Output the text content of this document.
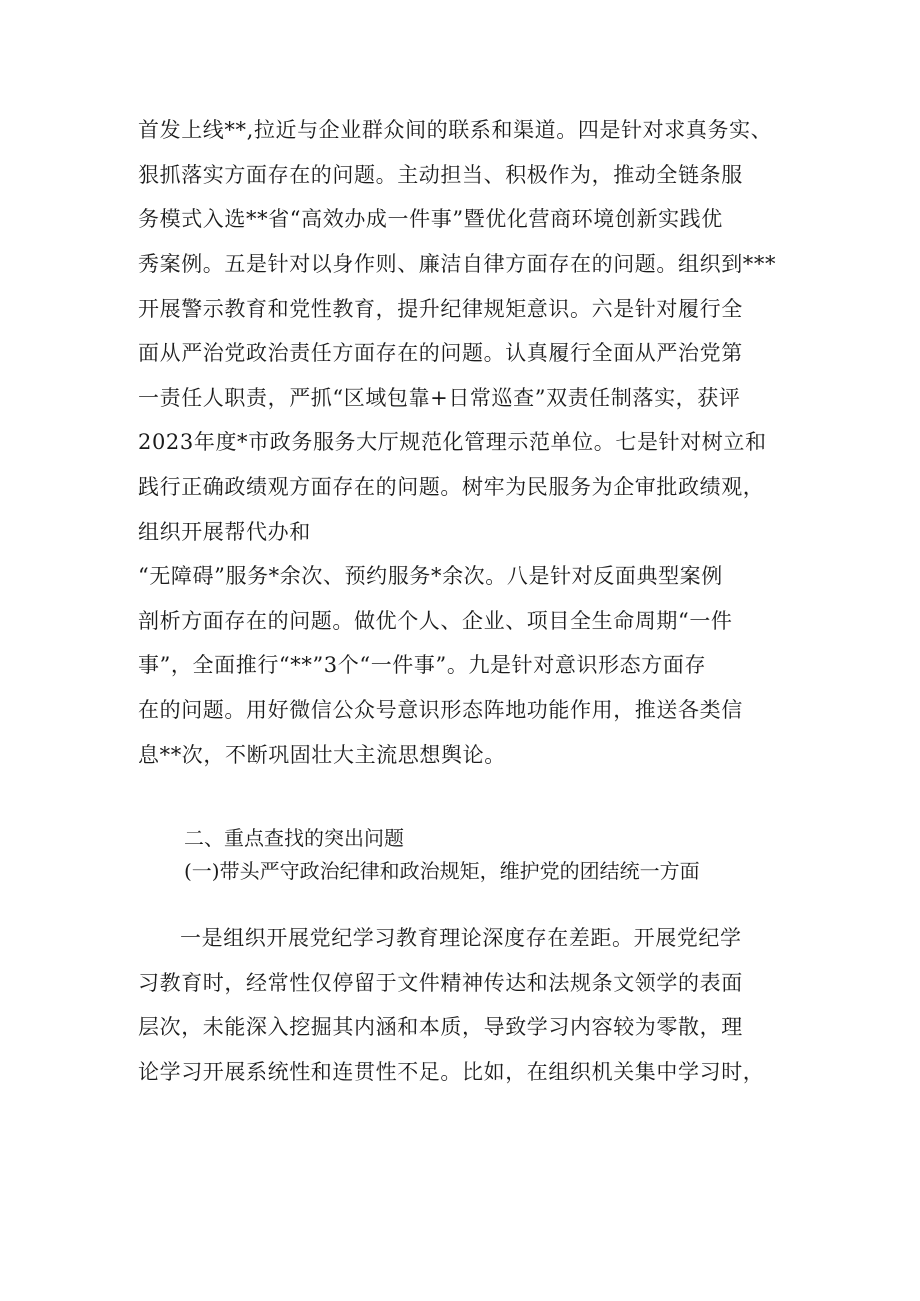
首发上线**,拉近与企业群众间的联系和渠道。四是针对求真务实、
狠抓落实方面存在的问题。主动担当、积极作为，推动全链条服
务模式入选**省“高效办成一件事”暨优化营商环境创新实践优
秀案例。五是针对以身作则、廉洁自律方面存在的问题。组织到***
开展警示教育和党性教育，提升纪律规矩意识。六是针对履行全
面从严治党政治责任方面存在的问题。认真履行全面从严治党第
一责任人职责，严抓“区域包靠+日常巡查”双责任制落实，获评
2023年度*市政务服务大厅规范化管理示范单位。七是针对树立和
践行正确政绩观方面存在的问题。树牢为民服务为企审批政绩观，
组织开展帮代办和
“无障碍”服务*余次、预约服务*余次。八是针对反面典型案例
剖析方面存在的问题。做优个人、企业、项目全生命周期“一件
事”，全面推行“**”3个“一件事”。九是针对意识形态方面存
在的问题。用好微信公众号意识形态阵地功能作用，推送各类信
息**次，不断巩固壮大主流思想舆论。
二、重点查找的突出问题
(一)带头严守政治纪律和政治规矩，维护党的团结统一方面
一是组织开展党纪学习教育理论深度存在差距。开展党纪学
习教育时，经常性仅停留于文件精神传达和法规条文领学的表面
层次，未能深入挖掘其内涵和本质，导致学习内容较为零散，理
论学习开展系统性和连贯性不足。比如，在组织机关集中学习时，
